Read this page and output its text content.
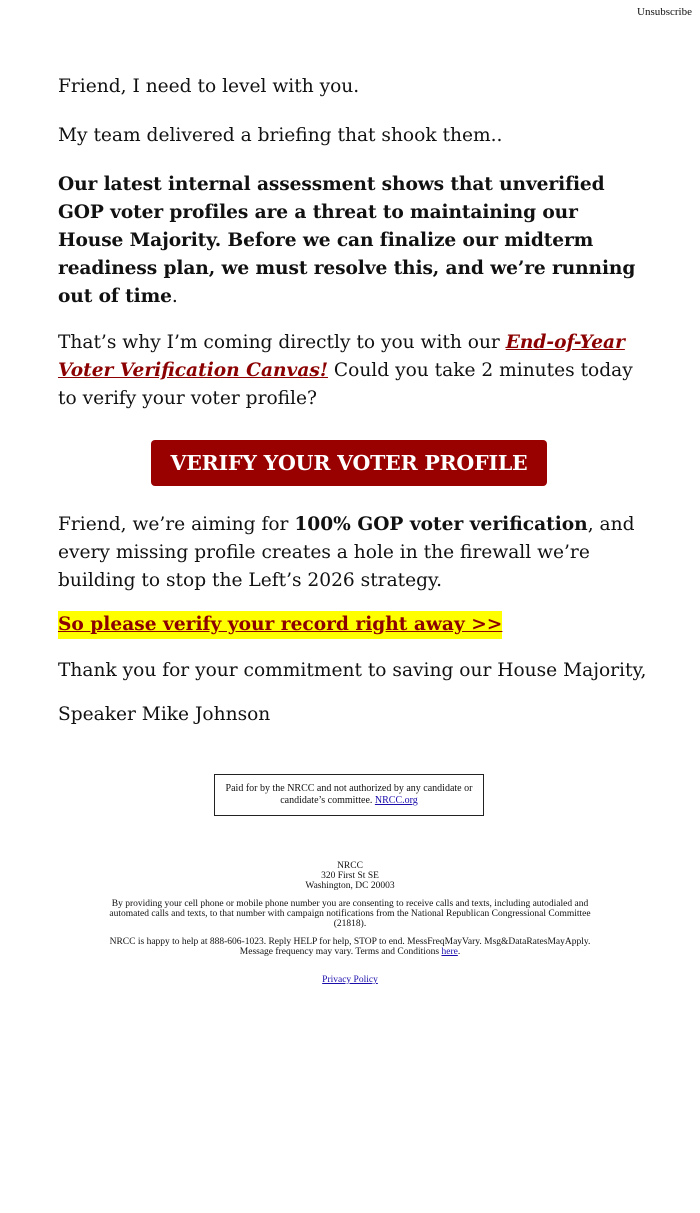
Unsubscribe

Friend, I need to level with you.

My team delivered a briefing that shook them..

Our latest internal assessment shows that unverified GOP voter profiles are a threat to maintaining our House Majority. Before we can finalize our midterm readiness plan, we must resolve this, and we’re running out of time.

That’s why I’m coming directly to you with our End-of-Year Voter Verification Canvas! Could you take 2 minutes today to verify your voter profile?

VERIFY YOUR VOTER PROFILE

Friend, we’re aiming for 100% GOP voter verification, and every missing profile creates a hole in the firewall we’re building to stop the Left’s 2026 strategy.

So please verify your record right away >>

Thank you for your commitment to saving our House Majority,

Speaker Mike Johnson

Paid for by the NRCC and not authorized by any candidate or candidate’s committee. NRCC.org

NRCC

320 First St SE

Washington, DC 20003

By providing your cell phone or mobile phone number you are consenting to receive calls and texts, including autodialed and automated calls and texts, to that number with campaign notifications from the National Republican Congressional Committee (21818).

NRCC is happy to help at 888-606-1023. Reply HELP for help, STOP to end. MessFreqMayVary. Msg&DataRatesMayApply. Message frequency may vary. Terms and Conditions here.

Privacy Policy
